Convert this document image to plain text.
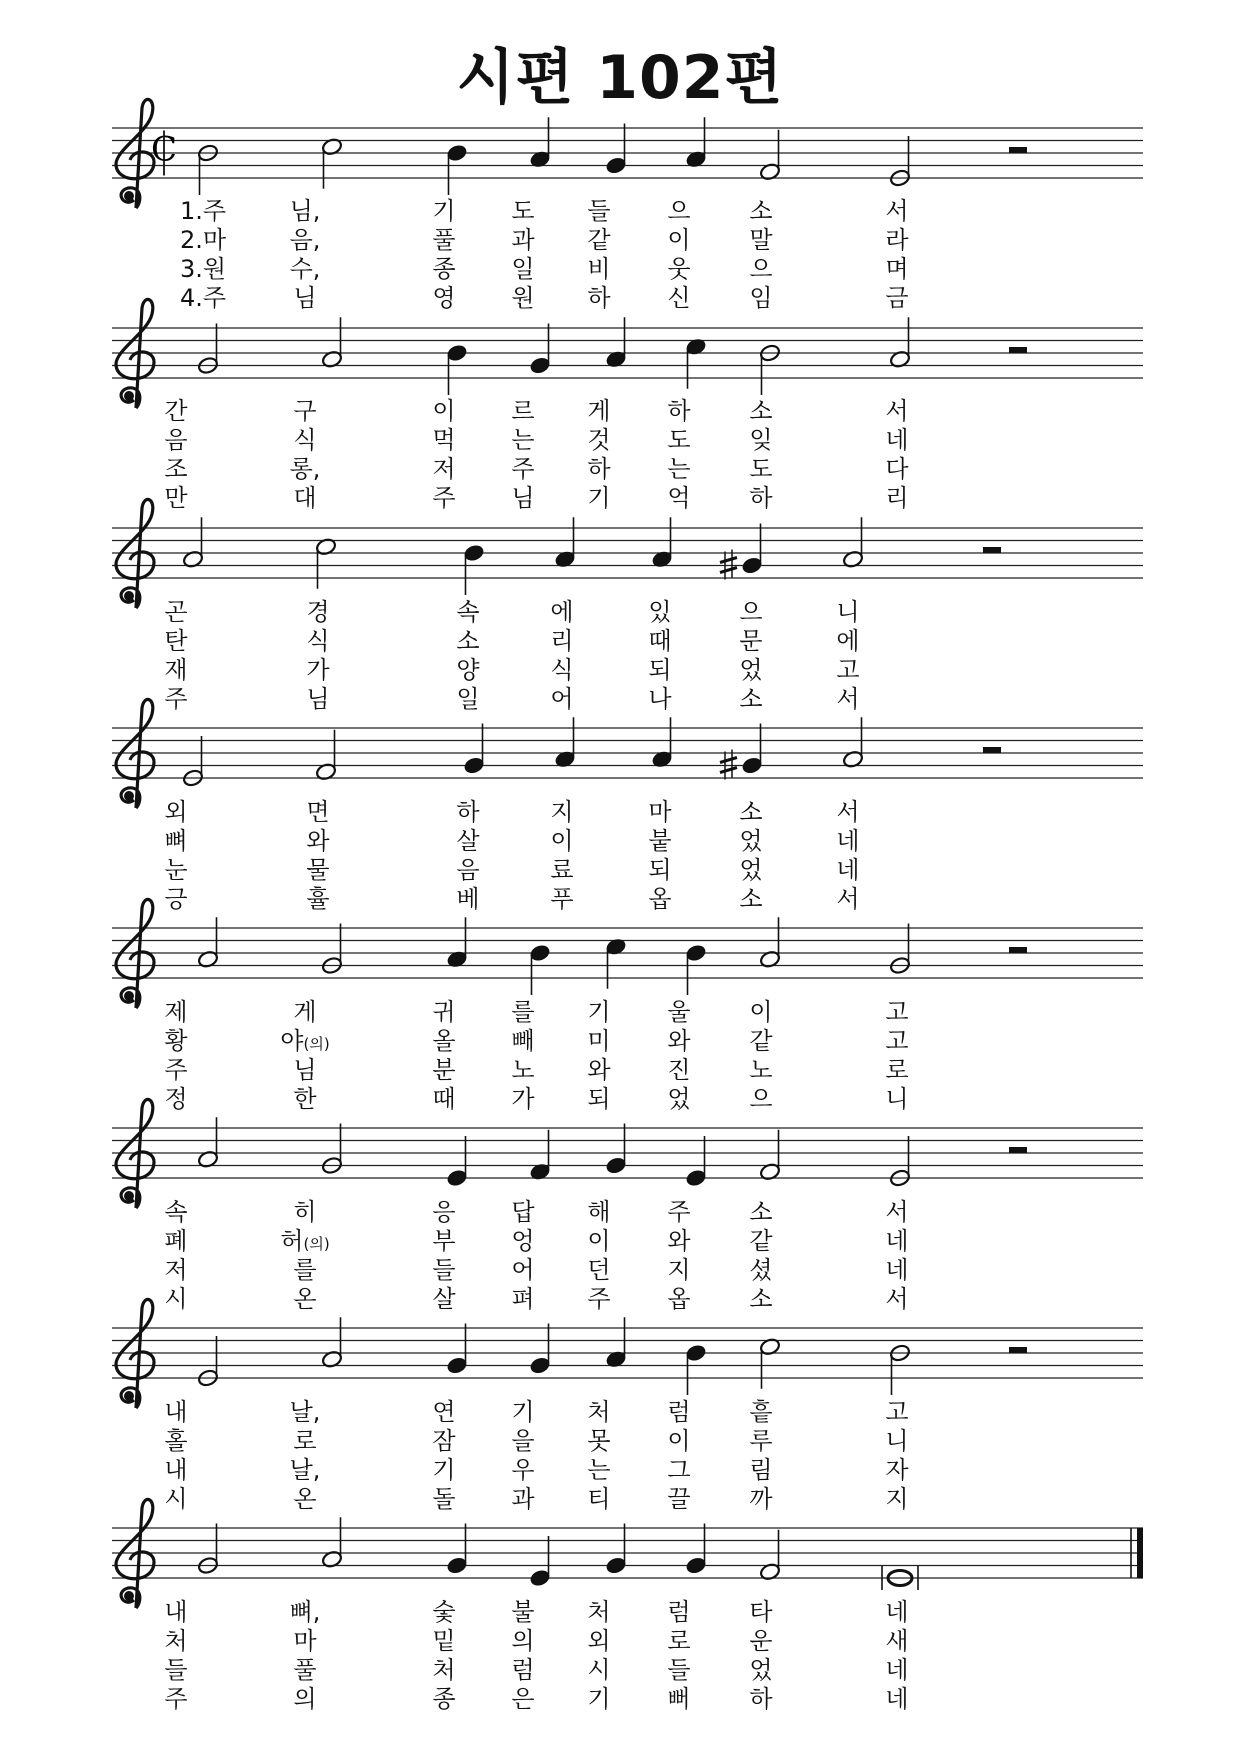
시편 102편
C
1.주	님,	기 도 들 으 소	서
2.마	음,	풀 과 같 이 말	라
3.원	수,	종 일 비 웃 으	며
4.주	님	영 원 하 신 임	금
간	구	이 르 게 하 소	서
음	식	먹 는 것 도 잊	네
조	롱,	저 주 하 는 도	다
만	대	주 님 기 억 하	리
곤	경	속	에	있	으	니
탄	식	소	리	때	문	에
재	가	양	식	되	었	고
주	님	일	어	나	소	서
외	면	하	지	마	소	서
뼈	와	살	이	붙	었	네
눈	물	음	료	되	었	네
긍	휼	베	푸	옵	소	서
제	게	귀 를 기 울 이	고
황	야(의)	올 빼 미 와 같	고
주	님	분 노 와 진 노	로
정	한	때 가 되 었 으	니
속	히	응 답 해 주 소	서
폐	허(의)	부 엉 이 와 같	네
저	를	들 어 던 지 셨	네
시	온	살 펴 주 옵 소	서
내	날,	연 기 처 럼 흩	고
홀	로	잠 을 못 이 루	니
내	날,	기 우 는 그 림	자
시	온	돌 과 티 끌 까	지
내	뼈,	숯 불 처 럼 타	네
처	마	밑 의 외 로 운	새
들	풀	처 럼 시 들 었	네
주	의	종 은 기 뻐 하	네
